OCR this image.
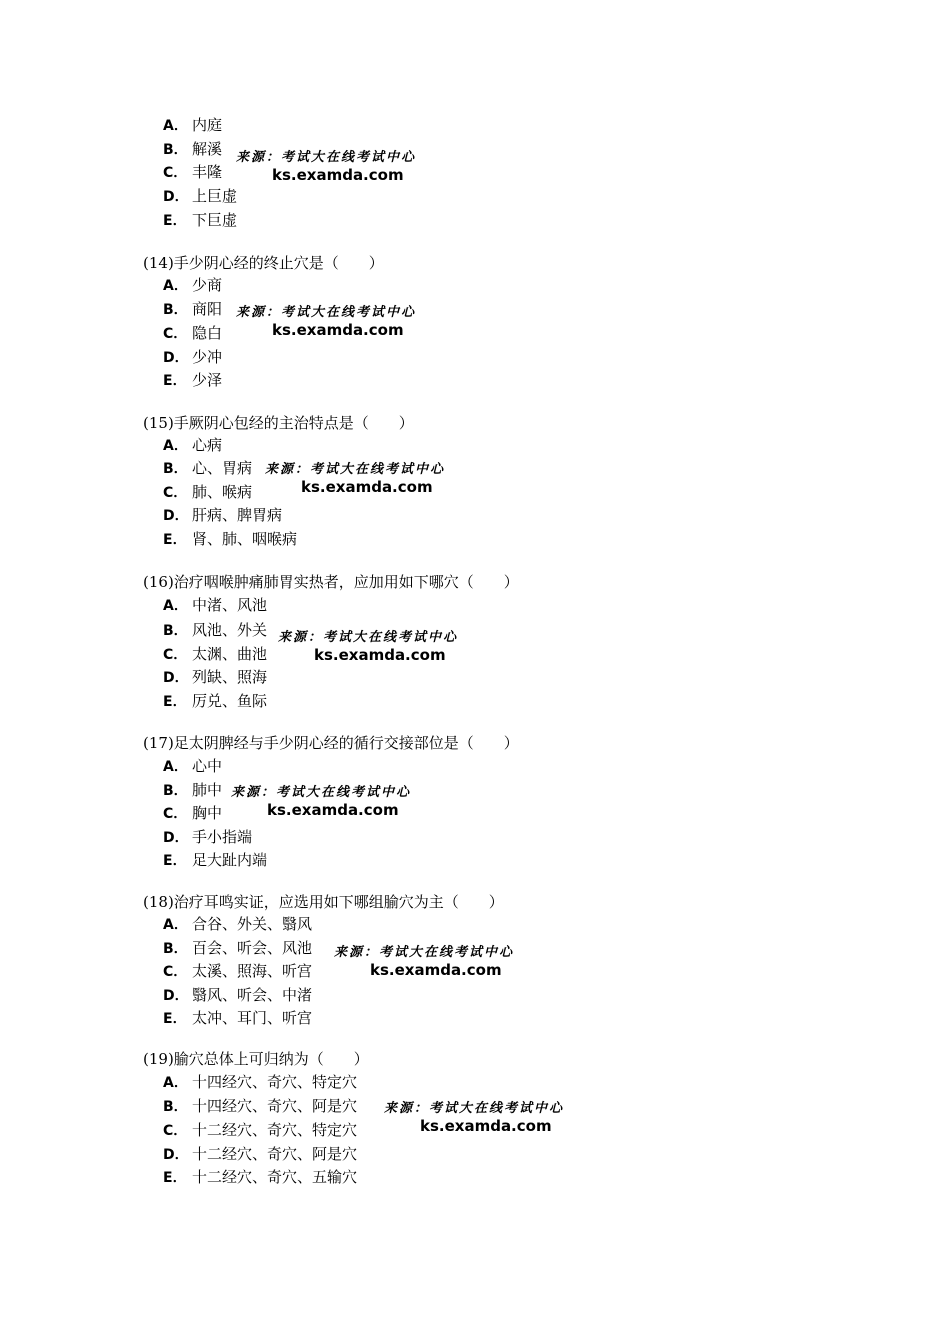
A． 内庭
B． 解溪
C． 丰隆
D． 上巨虚
E． 下巨虚
来源：考试大在线考试中心
ks.examda.com
(14)手少阴心经的终止穴是（　　）
A． 少商
B． 商阳
C． 隐白
D． 少冲
E． 少泽
来源：考试大在线考试中心
ks.examda.com
(15)手厥阴心包经的主治特点是（　　）
A． 心病
B． 心、胃病
C． 肺、喉病
D． 肝病、脾胃病
E． 肾、肺、咽喉病
来源：考试大在线考试中心
ks.examda.com
(16)治疗咽喉肿痛肺胃实热者，应加用如下哪穴（　　）
A． 中渚、风池
B． 风池、外关
C． 太渊、曲池
D． 列缺、照海
E． 厉兑、鱼际
来源：考试大在线考试中心
ks.examda.com
(17)足太阴脾经与手少阴心经的循行交接部位是（　　）
A． 心中
B． 肺中
C． 胸中
D． 手小指端
E． 足大趾内端
来源：考试大在线考试中心
ks.examda.com
(18)治疗耳鸣实证，应选用如下哪组腧穴为主（　　）
A． 合谷、外关、翳风
B． 百会、听会、风池
C． 太溪、照海、听宫
D． 翳风、听会、中渚
E． 太冲、耳门、听宫
来源：考试大在线考试中心
ks.examda.com
(19)腧穴总体上可归纳为（　　）
A． 十四经穴、奇穴、特定穴
B． 十四经穴、奇穴、阿是穴
C． 十二经穴、奇穴、特定穴
D． 十二经穴、奇穴、阿是穴
E． 十二经穴、奇穴、五输穴
来源：考试大在线考试中心
ks.examda.com
